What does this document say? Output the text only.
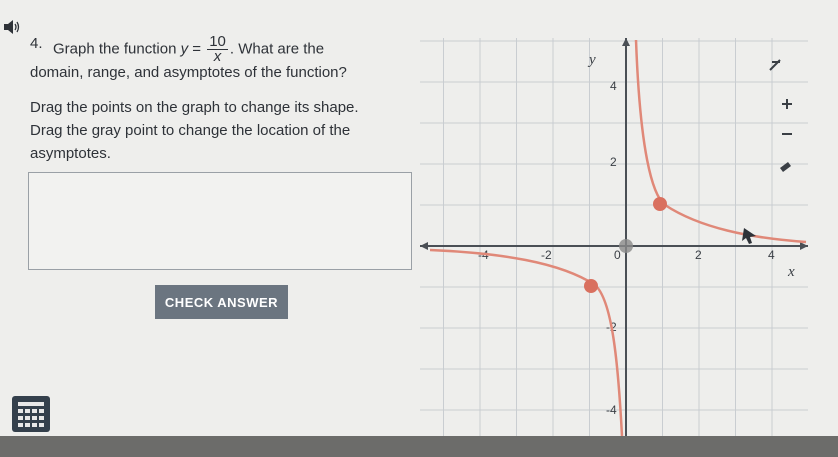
4. Graph the function $y = \frac{10}{x}$ . What are the
domain, range, and asymptotes of the function?
Drag the points on the graph to change its shape. Drag the gray point to change the location of the asymptotes.
CHECK ANSWER
-4	-2	0	2	4
4
2
-2
-4
y
x
